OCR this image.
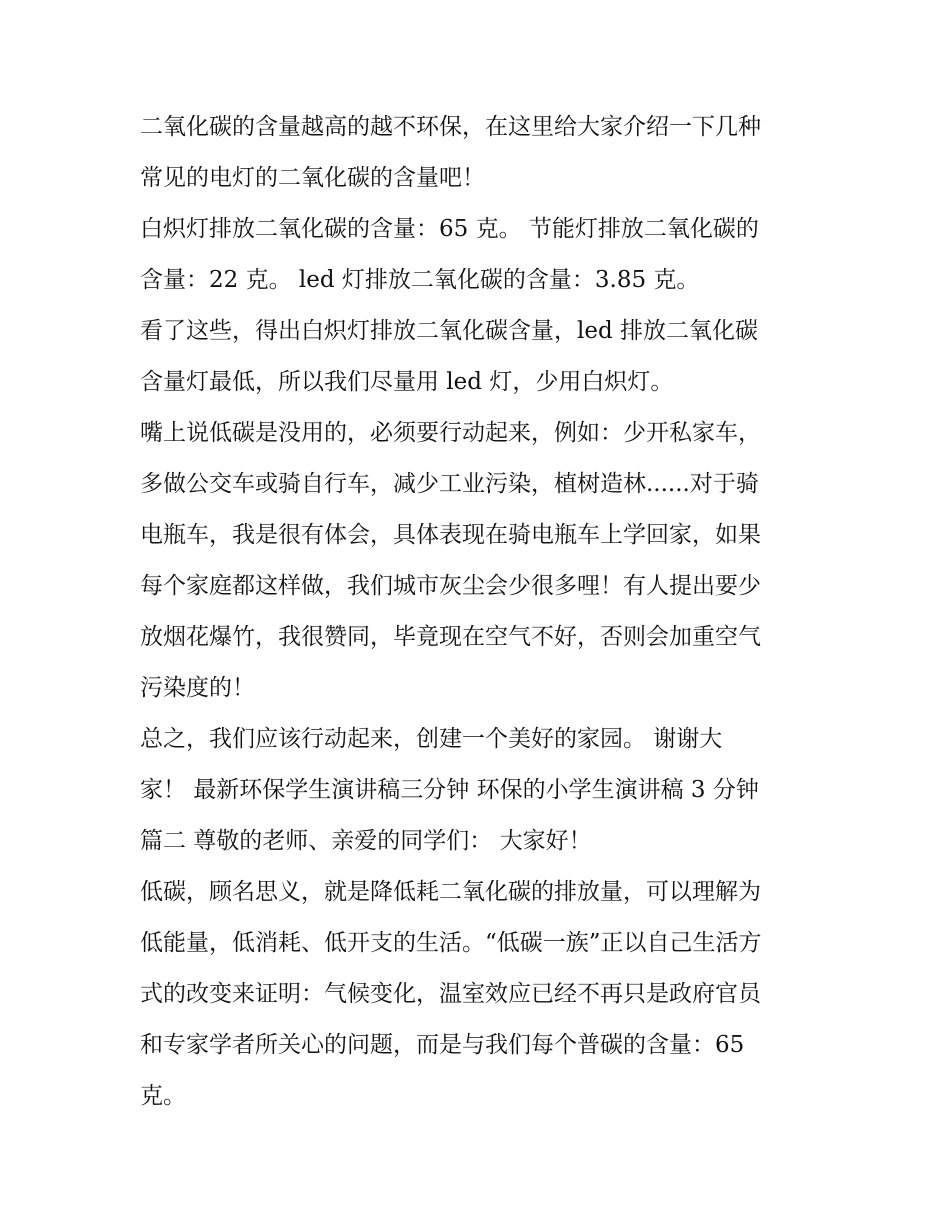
二氧化碳的含量越高的越不环保，在这里给大家介绍一下几种
常见的电灯的二氧化碳的含量吧！
白炽灯排放二氧化碳的含量：65 克。 节能灯排放二氧化碳的
含量：22 克。 led 灯排放二氧化碳的含量：3.85 克。
看了这些，得出白炽灯排放二氧化碳含量，led 排放二氧化碳
含量灯最低，所以我们尽量用 led 灯，少用白炽灯。
嘴上说低碳是没用的，必须要行动起来，例如：少开私家车，
多做公交车或骑自行车，减少工业污染，植树造林......对于骑
电瓶车，我是很有体会，具体表现在骑电瓶车上学回家，如果
每个家庭都这样做，我们城市灰尘会少很多哩！有人提出要少
放烟花爆竹，我很赞同，毕竟现在空气不好，否则会加重空气
污染度的！
总之，我们应该行动起来，创建一个美好的家园。 谢谢大
家！ 最新环保学生演讲稿三分钟 环保的小学生演讲稿 3 分钟
篇二 尊敬的老师、亲爱的同学们： 大家好！
低碳，顾名思义，就是降低耗二氧化碳的排放量，可以理解为
低能量，低消耗、低开支的生活。“低碳一族”正以自己生活方
式的改变来证明：气候变化，温室效应已经不再只是政府官员
和专家学者所关心的问题，而是与我们每个普碳的含量：65
克。
